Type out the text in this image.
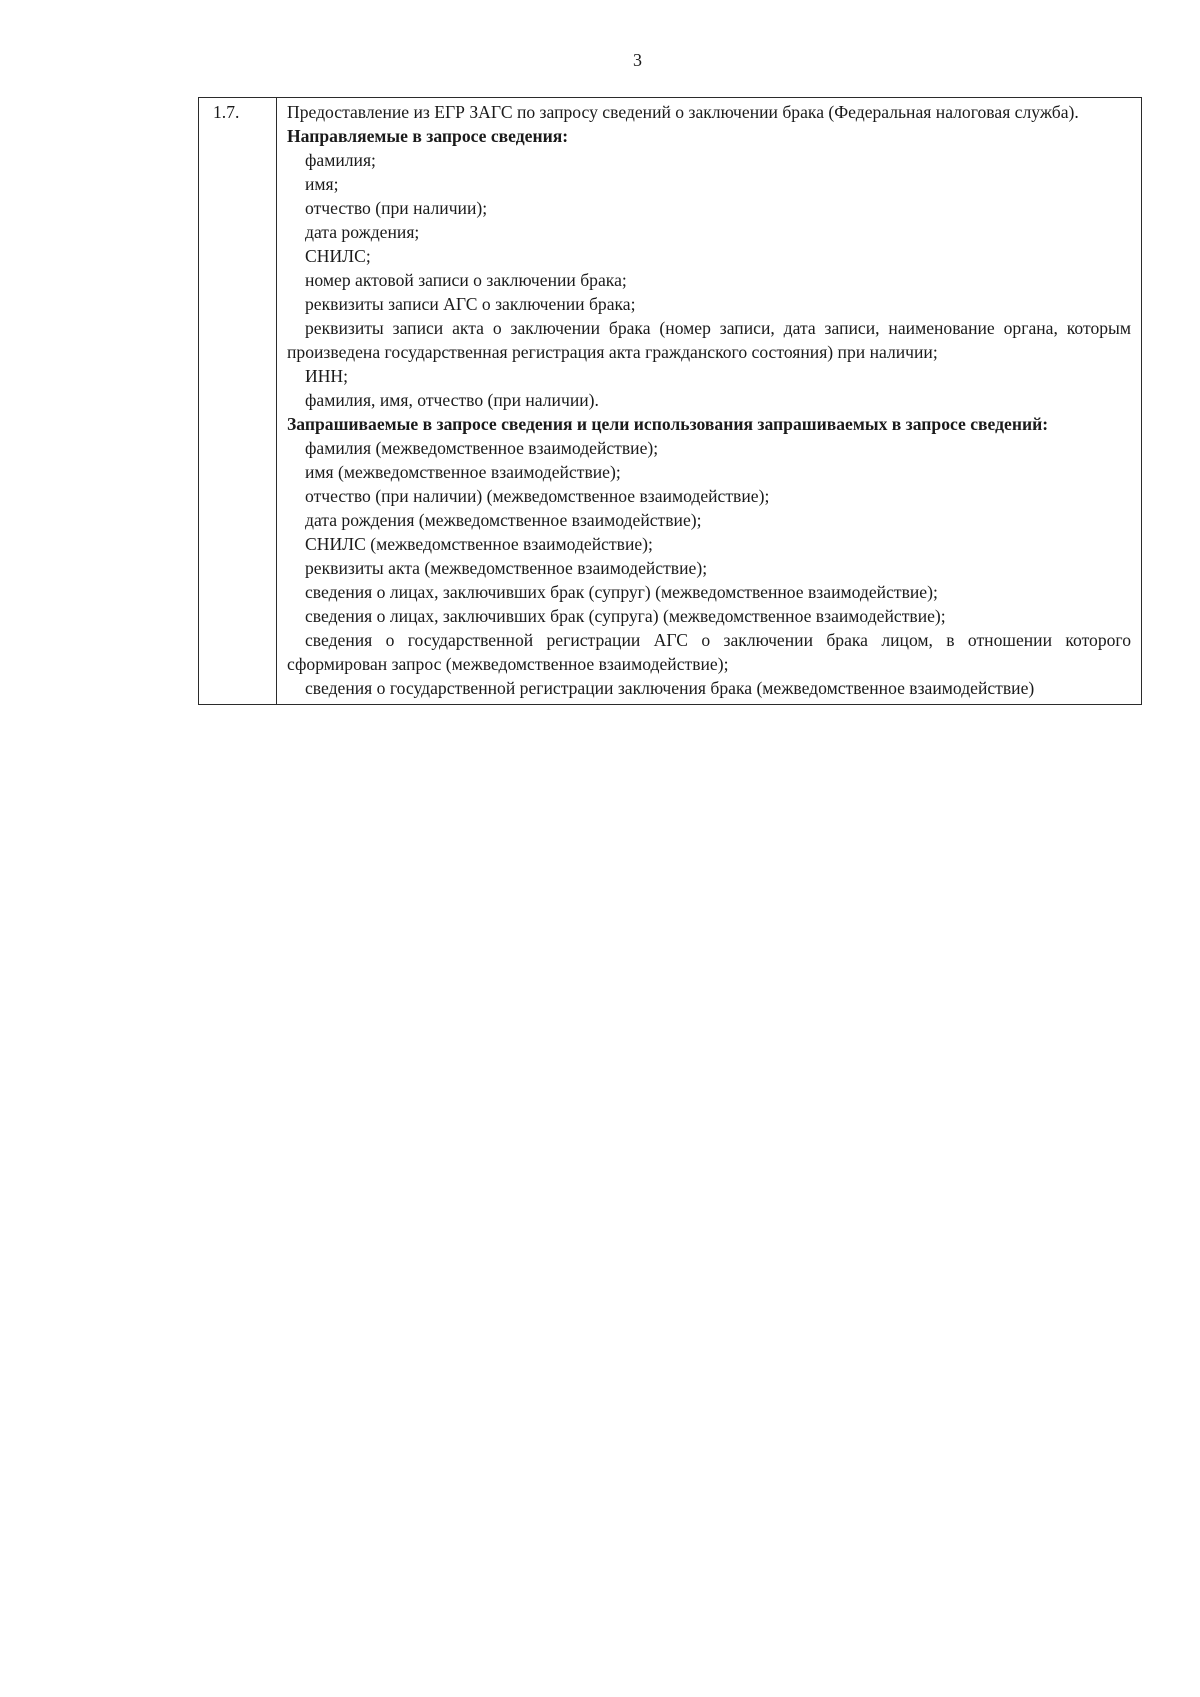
3
1.7.	Предоставление из ЕГР ЗАГС по запросу сведений о заключении брака (Федеральная налоговая служба).
Направляемые в запросе сведения:
фамилия;
имя;
отчество (при наличии);
дата рождения;
СНИЛС;
номер актовой записи о заключении брака;
реквизиты записи АГС о заключении брака;
реквизиты записи акта о заключении брака (номер записи, дата записи, наименование органа, которым произведена государственная регистрация акта гражданского состояния) при наличии;
ИНН;
фамилия, имя, отчество (при наличии).
Запрашиваемые в запросе сведения и цели использования запрашиваемых в запросе сведений:
фамилия (межведомственное взаимодействие);
имя (межведомственное взаимодействие);
отчество (при наличии) (межведомственное взаимодействие);
дата рождения (межведомственное взаимодействие);
СНИЛС (межведомственное взаимодействие);
реквизиты акта (межведомственное взаимодействие);
сведения о лицах, заключивших брак (супруг) (межведомственное взаимодействие);
сведения о лицах, заключивших брак (супруга) (межведомственное взаимодействие);
сведения о государственной регистрации АГС о заключении брака лицом, в отношении которого сформирован запрос (межведомственное взаимодействие);
сведения о государственной регистрации заключения брака (межведомственное взаимодействие)
